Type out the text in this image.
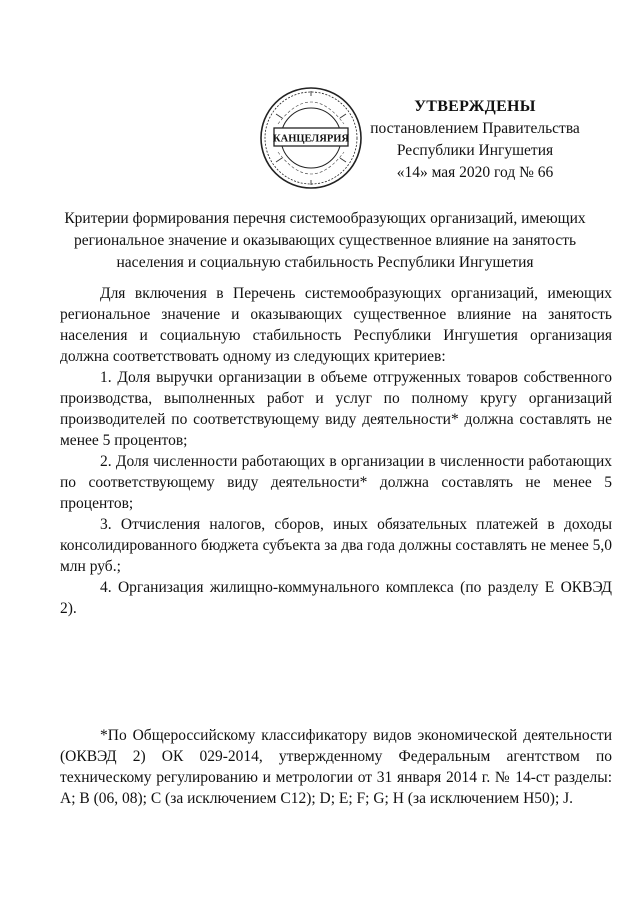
КАНЦЕЛЯРИЯ
УТВЕРЖДЕНЫ
постановлением Правительства
Республики Ингушетия
«14» мая 2020 год № 66
Критерии формирования перечня системообразующих организаций, имеющих региональное значение и оказывающих существенное влияние на занятость населения и социальную стабильность Республики Ингушетия

Для включения в Перечень системообразующих организаций, имеющих региональное значение и оказывающих существенное влияние на занятость населения и социальную стабильность Республики Ингушетия организация должна соответствовать одному из следующих критериев:

1. Доля выручки организации в объеме отгруженных товаров собственного производства, выполненных работ и услуг по полному кругу организаций производителей по соответствующему виду деятельности* должна составлять не менее 5 процентов;

2. Доля численности работающих в организации в численности работающих по соответствующему виду деятельности* должна составлять не менее 5 процентов;

3. Отчисления налогов, сборов, иных обязательных платежей в доходы консолидированного бюджета субъекта за два года должны составлять не менее 5,0 млн руб.;

4. Организация жилищно-коммунального комплекса (по разделу Е ОКВЭД 2).

*По Общероссийскому классификатору видов экономической деятельности (ОКВЭД 2) ОК 029-2014, утвержденному Федеральным агентством по техническому регулированию и метрологии от 31 января 2014 г. № 14-ст разделы: А; В (06, 08); С (за исключением С12); D; Е; F; G; Н (за исключением Н50); J.
